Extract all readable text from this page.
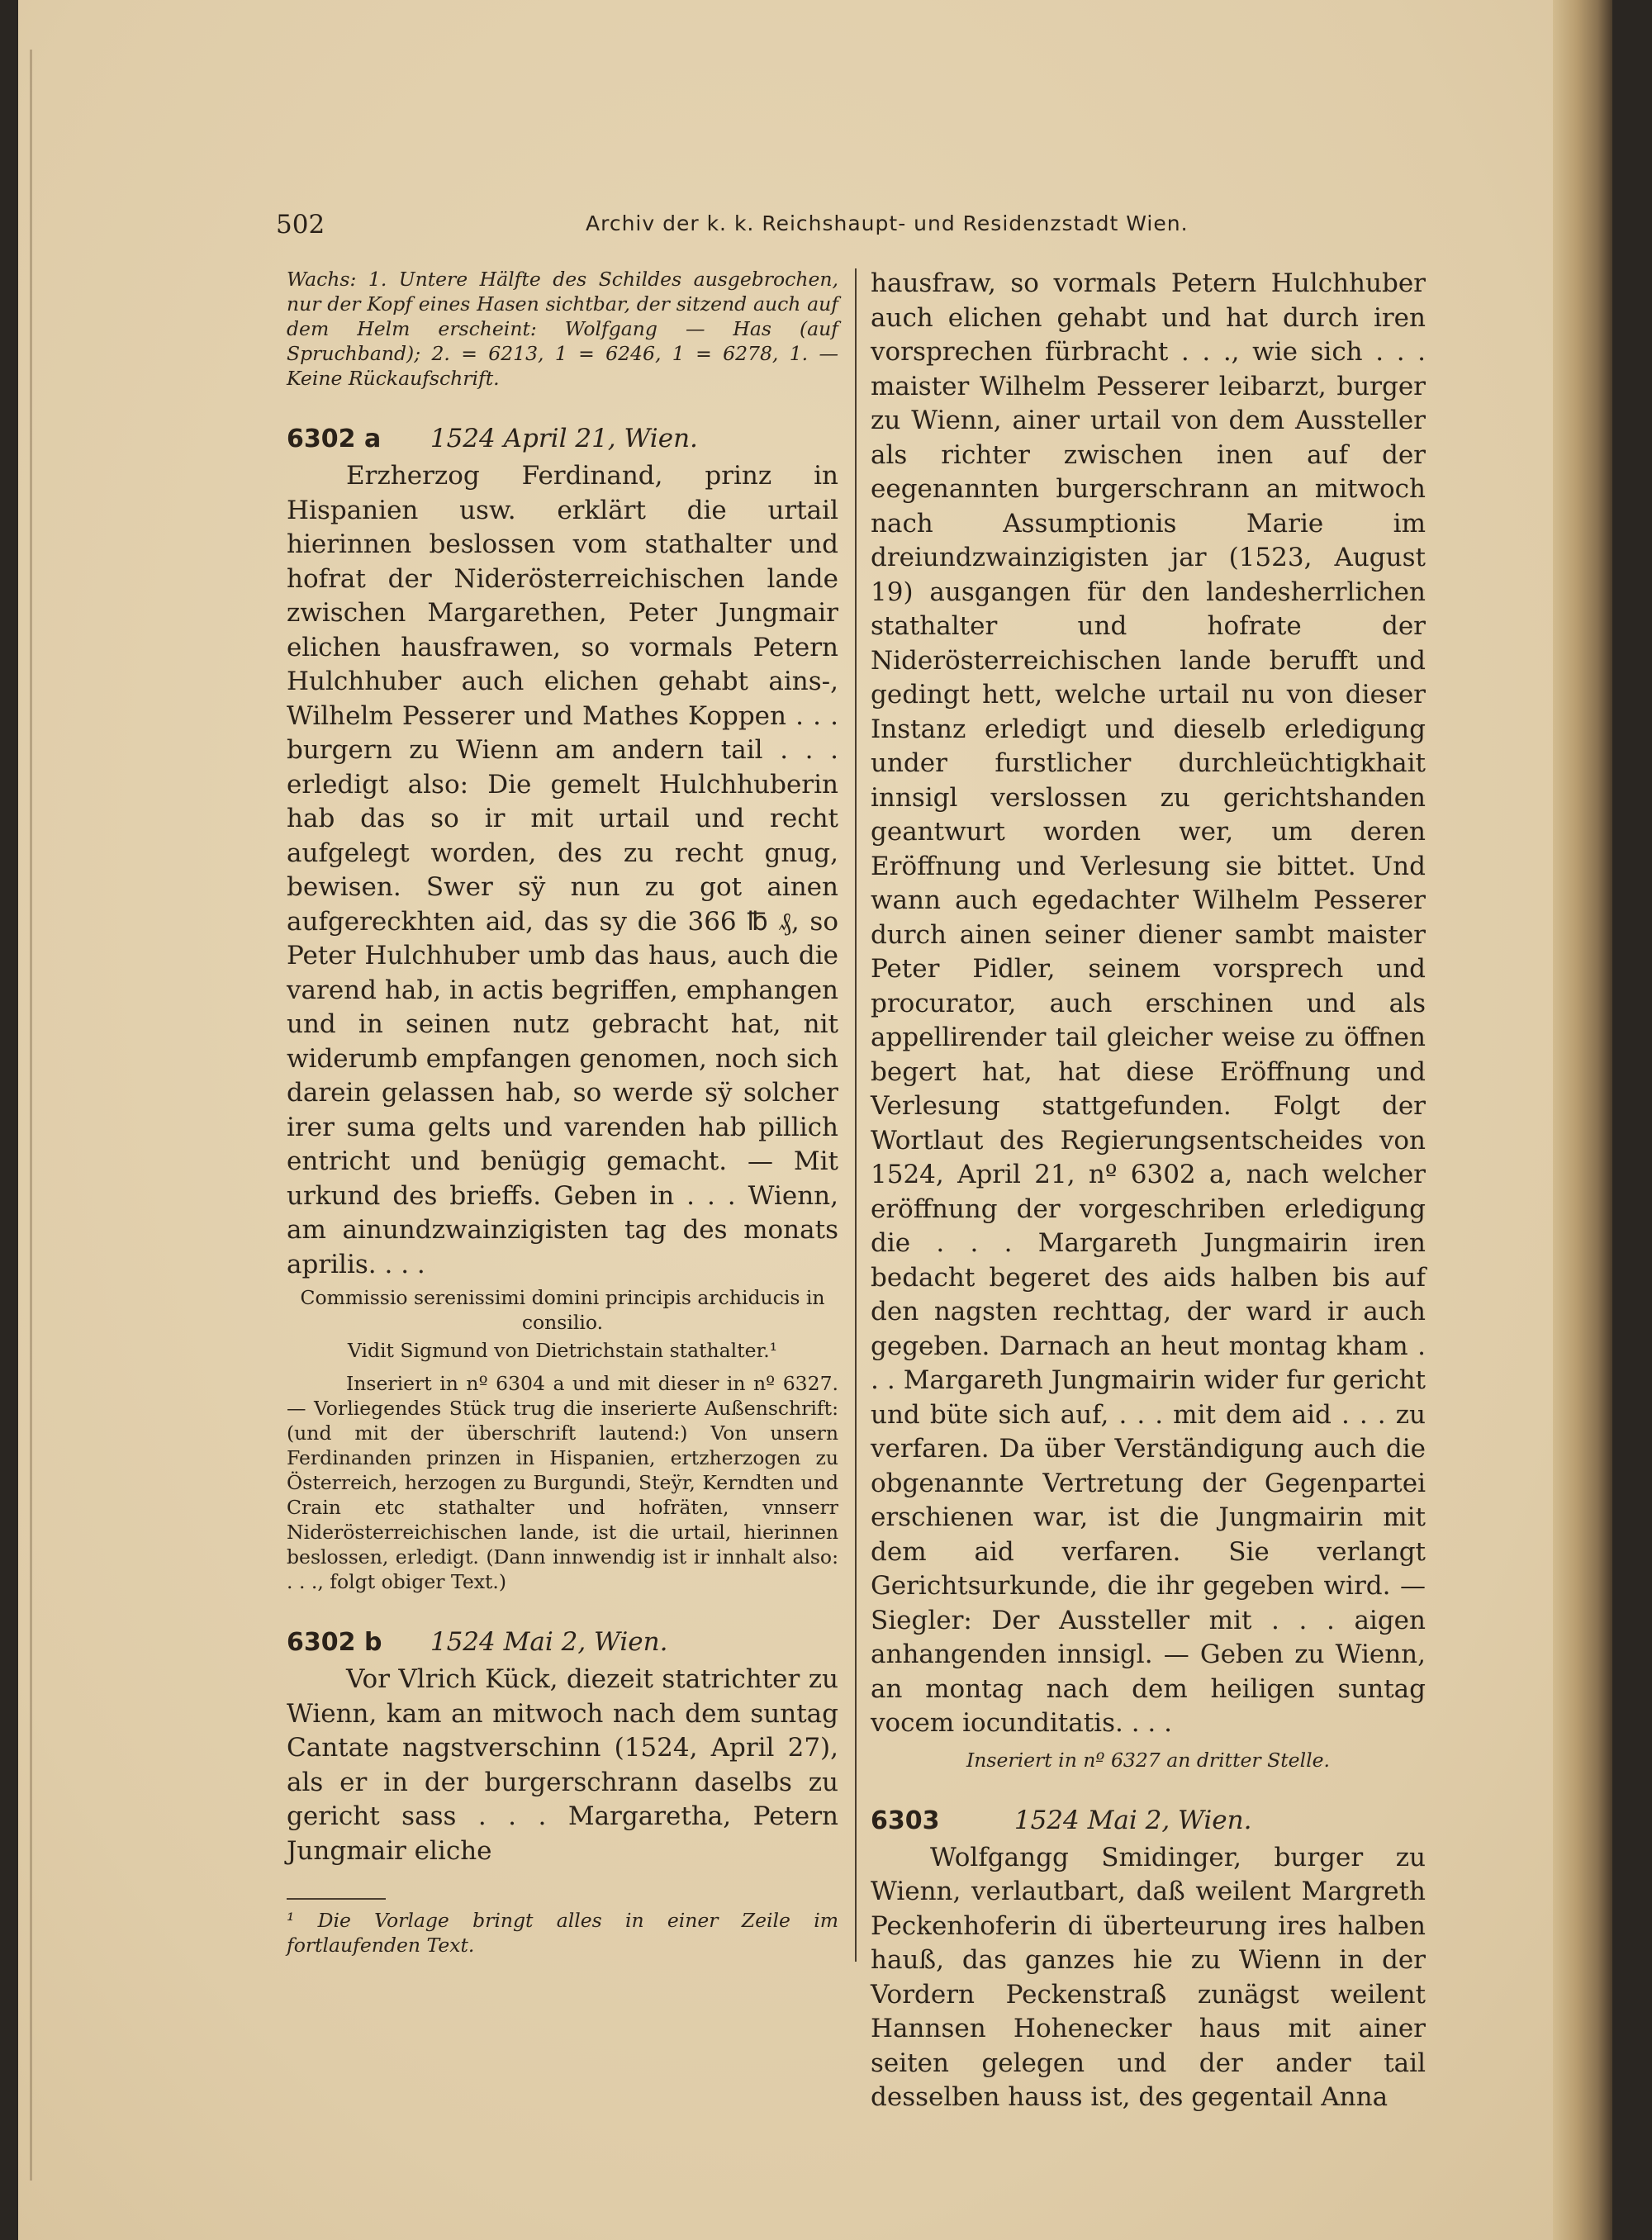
502	Archiv der k. k. Reichshaupt- und Residenzstadt Wien.

Wachs: 1. Untere Hälfte des Schildes ausgebrochen, nur der Kopf eines Hasen sichtbar, der sitzend auch auf dem Helm erscheint: Wolfgang — Has (auf Spruchband); 2. = 6213, 1 = 6246, 1 = 6278, 1. — Keine Rückaufschrift.

6302 a 1524 April 21, Wien.

Erzherzog Ferdinand, prinz in Hispanien usw. erklärt die urtail hierinnen beslossen vom stathalter und hofrat der Niderösterreichischen lande zwischen Margarethen, Peter Jungmair elichen hausfrawen, so vormals Petern Hulchhuber auch elichen gehabt ains-, Wilhelm Pesserer und Mathes Koppen . . . burgern zu Wienn am andern tail . . . erledigt also: Die gemelt Hulchhuberin hab das so ir mit urtail und recht aufgelegt worden, des zu recht gnug, bewisen. Swer sÿ nun zu got ainen aufgereckhten aid, das sy die 366 ℔ ₰, so Peter Hulchhuber umb das haus, auch die varend hab, in actis begriffen, emphangen und in seinen nutz gebracht hat, nit widerumb empfangen genomen, noch sich darein gelassen hab, so werde sÿ solcher irer suma gelts und varenden hab pillich entricht und benügig gemacht. — Mit urkund des brieffs. Geben in . . . Wienn, am ainundzwainzigisten tag des monats aprilis. . . .

Commissio serenissimi domini principis archiducis in consilio.

Vidit Sigmund von Dietrichstain stathalter.¹

Inseriert in nº 6304 a und mit dieser in nº 6327. — Vorliegendes Stück trug die inserierte Außenschrift: (und mit der überschrift lautend:) Von unsern Ferdinanden prinzen in Hispanien, ertzherzogen zu Österreich, herzogen zu Burgundi, Steÿr, Kerndten und Crain etc stathalter und hofräten, vnnserr Niderösterreichischen lande, ist die urtail, hierinnen beslossen, erledigt. (Dann innwendig ist ir innhalt also: . . ., folgt obiger Text.)

6302 b 1524 Mai 2, Wien.

Vor Vlrich Kück, diezeit statrichter zu Wienn, kam an mitwoch nach dem suntag Cantate nagstverschinn (1524, April 27), als er in der burgerschrann daselbs zu gericht sass . . . Margaretha, Petern Jungmair eliche

¹ Die Vorlage bringt alles in einer Zeile im fortlaufenden Text.

hausfraw, so vormals Petern Hulchhuber auch elichen gehabt und hat durch iren vorsprechen fürbracht . . ., wie sich . . . maister Wilhelm Pesserer leibarzt, burger zu Wienn, ainer urtail von dem Aussteller als richter zwischen inen auf der eegenannten burgerschrann an mitwoch nach Assumptionis Marie im dreiundzwainzigisten jar (1523, August 19) ausgangen für den landesherrlichen stathalter und hofrate der Niderösterreichischen lande berufft und gedingt hett, welche urtail nu von dieser Instanz erledigt und dieselb erledigung under furstlicher durchleüchtigkhait innsigl verslossen zu gerichtshanden geantwurt worden wer, um deren Eröffnung und Verlesung sie bittet. Und wann auch egedachter Wilhelm Pesserer durch ainen seiner diener sambt maister Peter Pidler, seinem vorsprech und procurator, auch erschinen und als appellirender tail gleicher weise zu öffnen begert hat, hat diese Eröffnung und Verlesung stattgefunden. Folgt der Wortlaut des Regierungsentscheides von 1524, April 21, nº 6302 a, nach welcher eröffnung der vorgeschriben erledigung die . . . Margareth Jungmairin iren bedacht begeret des aids halben bis auf den nagsten rechttag, der ward ir auch gegeben. Darnach an heut montag kham . . . Margareth Jungmairin wider fur gericht und büte sich auf, . . . mit dem aid . . . zu verfaren. Da über Verständigung auch die obgenannte Vertretung der Gegenpartei erschienen war, ist die Jungmairin mit dem aid verfaren. Sie verlangt Gerichtsurkunde, die ihr gegeben wird. — Siegler: Der Aussteller mit . . . aigen anhangenden innsigl. — Geben zu Wienn, an montag nach dem heiligen suntag vocem iocunditatis. . . .

Inseriert in nº 6327 an dritter Stelle.

6303	1524 Mai 2, Wien.

Wolfgangg Smidinger, burger zu Wienn, verlautbart, daß weilent Margreth Peckenhoferin di überteurung ires halben hauß, das ganzes hie zu Wienn in der Vordern Peckenstraß zunägst weilent Hannsen Hohenecker haus mit ainer seiten gelegen und der ander tail desselben hauss ist, des gegentail Anna
